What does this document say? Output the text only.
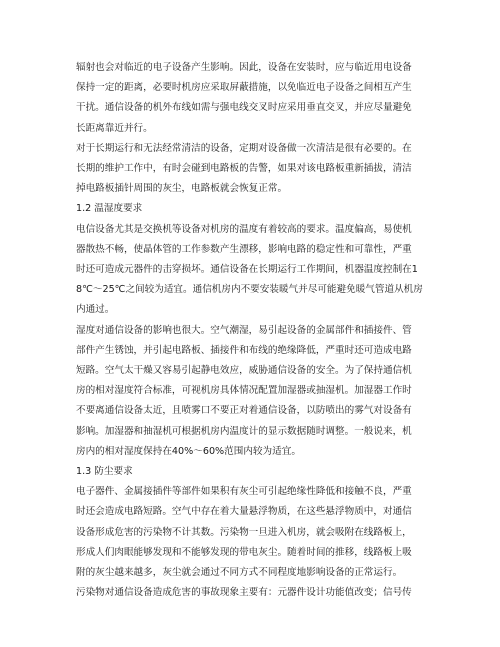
辐射也会对临近的电子设备产生影响。因此，设备在安装时，应与临近用电设备
保持一定的距离，必要时机房应采取屏蔽措施，以免临近电子设备之间相互产生
干扰。通信设备的机外布线如需与强电线交叉时应采用垂直交叉，并应尽量避免
长距离靠近并行。

对于长期运行和无法经常清洁的设备，定期对设备做一次清洁是很有必要的。在
长期的维护工作中，有时会碰到电路板的告警，如果对该电路板重新插拔，清洁
掉电路板插针周围的灰尘，电路板就会恢复正常。

1.2 温湿度要求

电信设备尤其是交换机等设备对机房的温度有着较高的要求。温度偏高，易使机
器散热不畅，使晶体管的工作参数产生漂移，影响电路的稳定性和可靠性，严重
时还可造成元器件的击穿损坏。通信设备在长期运行工作期间，机器温度控制在1
8℃～25℃之间较为适宜。通信机房内不要安装暖气并尽可能避免暖气管道从机房
内通过。

湿度对通信设备的影响也很大。空气潮湿，易引起设备的金属部件和插接件、管
部件产生锈蚀，并引起电路板、插接件和布线的绝缘降低，严重时还可造成电路
短路。空气太干燥又容易引起静电效应，威胁通信设备的安全。为了保持通信机
房的相对湿度符合标准，可视机房具体情况配置加湿器或抽湿机。加湿器工作时
不要离通信设备太近，且喷雾口不要正对着通信设备，以防喷出的雾气对设备有
影响。加湿器和抽湿机可根据机房内温度计的显示数据随时调整。一般说来，机
房内的相对湿度保持在40%～60%范围内较为适宜。

1.3 防尘要求

电子器件、金属接插件等部件如果积有灰尘可引起绝缘性降低和接触不良，严重
时还会造成电路短路。空气中存在着大量悬浮物质，在这些悬浮物质中，对通信
设备形成危害的污染物不计其数。污染物一旦进入机房，就会吸附在线路板上，
形成人们肉眼能够发现和不能够发现的带电灰尘。随着时间的推移，线路板上吸
附的灰尘越来越多，灰尘就会通过不同方式不同程度地影响设备的正常运行。
污染物对通信设备造成危害的事故现象主要有：元器件设计功能值改变；信号传
